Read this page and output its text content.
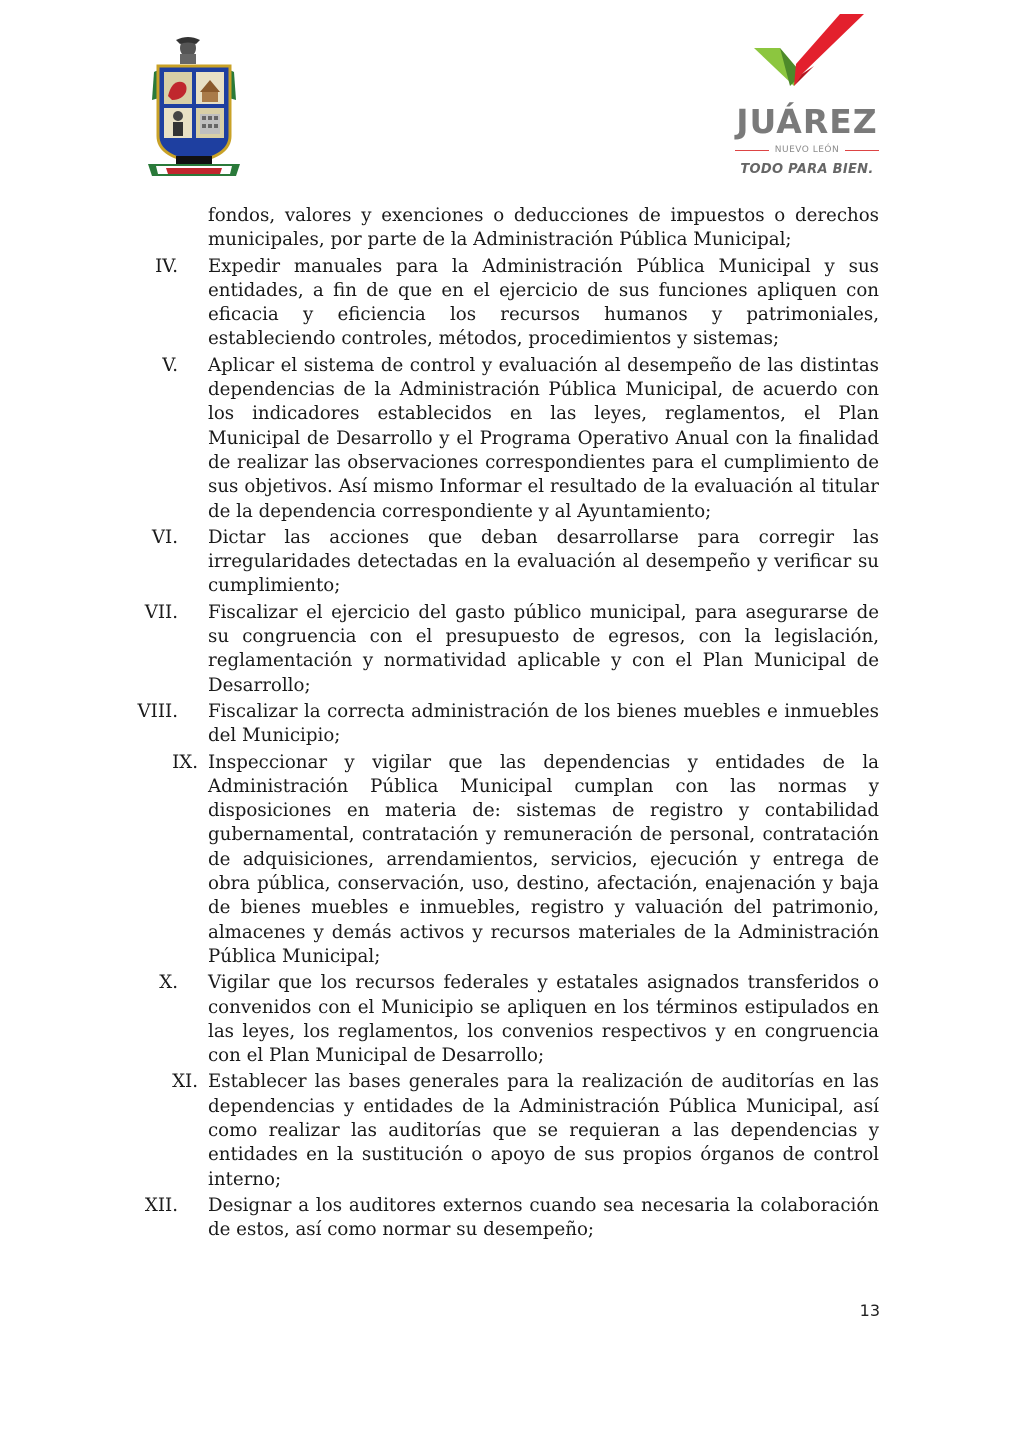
JUÁREZ
NUEVO LEÓN
TODO PARA BIEN.
fondos, valores y exenciones o deducciones de impuestos o derechos municipales, por parte de la Administración Pública Municipal;
IV. Expedir manuales para la Administración Pública Municipal y sus entidades, a fin de que en el ejercicio de sus funciones apliquen con eficacia y eficiencia los recursos humanos y patrimoniales, estableciendo controles, métodos, procedimientos y sistemas;
V. Aplicar el sistema de control y evaluación al desempeño de las distintas dependencias de la Administración Pública Municipal, de acuerdo con los indicadores establecidos en las leyes, reglamentos, el Plan Municipal de Desarrollo y el Programa Operativo Anual con la finalidad de realizar las observaciones correspondientes para el cumplimiento de sus objetivos. Así mismo Informar el resultado de la evaluación al titular de la dependencia correspondiente y al Ayuntamiento;
VI. Dictar las acciones que deban desarrollarse para corregir las irregularidades detectadas en la evaluación al desempeño y verificar su cumplimiento;
VII. Fiscalizar el ejercicio del gasto público municipal, para asegurarse de su congruencia con el presupuesto de egresos, con la legislación, reglamentación y normatividad aplicable y con el Plan Municipal de Desarrollo;
VIII. Fiscalizar la correcta administración de los bienes muebles e inmuebles del Municipio;
IX. Inspeccionar y vigilar que las dependencias y entidades de la Administración Pública Municipal cumplan con las normas y disposiciones en materia de: sistemas de registro y contabilidad gubernamental, contratación y remuneración de personal, contratación de adquisiciones, arrendamientos, servicios, ejecución y entrega de obra pública, conservación, uso, destino, afectación, enajenación y baja de bienes muebles e inmuebles, registro y valuación del patrimonio, almacenes y demás activos y recursos materiales de la Administración Pública Municipal;
X. Vigilar que los recursos federales y estatales asignados transferidos o convenidos con el Municipio se apliquen en los términos estipulados en las leyes, los reglamentos, los convenios respectivos y en congruencia con el Plan Municipal de Desarrollo;
XI. Establecer las bases generales para la realización de auditorías en las dependencias y entidades de la Administración Pública Municipal, así como realizar las auditorías que se requieran a las dependencias y entidades en la sustitución o apoyo de sus propios órganos de control interno;
XII. Designar a los auditores externos cuando sea necesaria la colaboración de estos, así como normar su desempeño;
13
